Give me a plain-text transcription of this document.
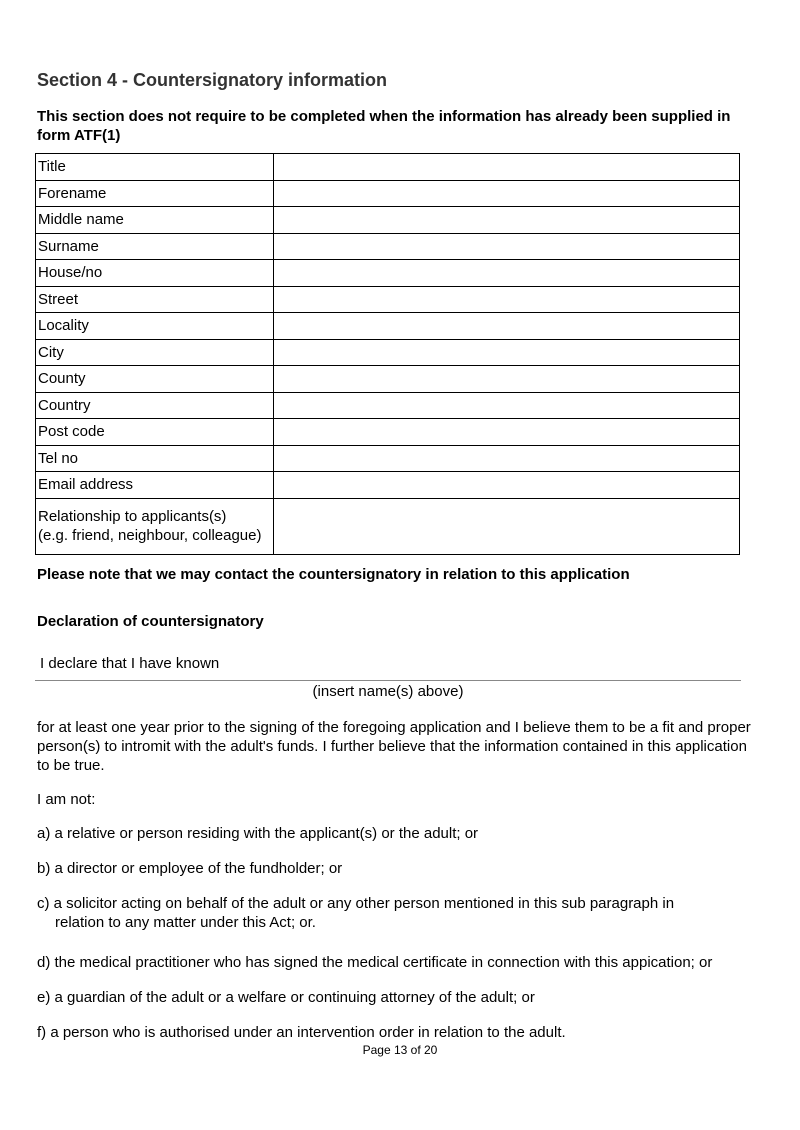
Section 4 - Countersignatory information
This section does not require to be completed when the information has already been supplied in form ATF(1)
Title	
Forename	
Middle name	
Surname	
House/no	
Street	
Locality	
City	
County	
Country	
Post code	
Tel no	
Email address	
Relationship to applicants(s)
(e.g. friend, neighbour, colleague)	
Please note that we may contact the countersignatory in relation to this application
Declaration of countersignatory
I declare that I have known
(insert name(s) above)
for at least one year prior to the signing of the foregoing application and I believe them to be a fit and proper person(s) to intromit with the adult's funds. I further believe that the information contained in this application to be true.
I am not:
a) a relative or person residing with the applicant(s) or the adult; or
b) a director or employee of the fundholder; or
c) a solicitor acting on behalf of the adult or any other person mentioned in this sub paragraph in
relation to any matter under this Act; or.
d) the medical practitioner who has signed the medical certificate in connection with this appication; or
e) a guardian of the adult or a welfare or continuing attorney of the adult; or
f) a person who is authorised under an intervention order in relation to the adult.
Page 13 of 20
